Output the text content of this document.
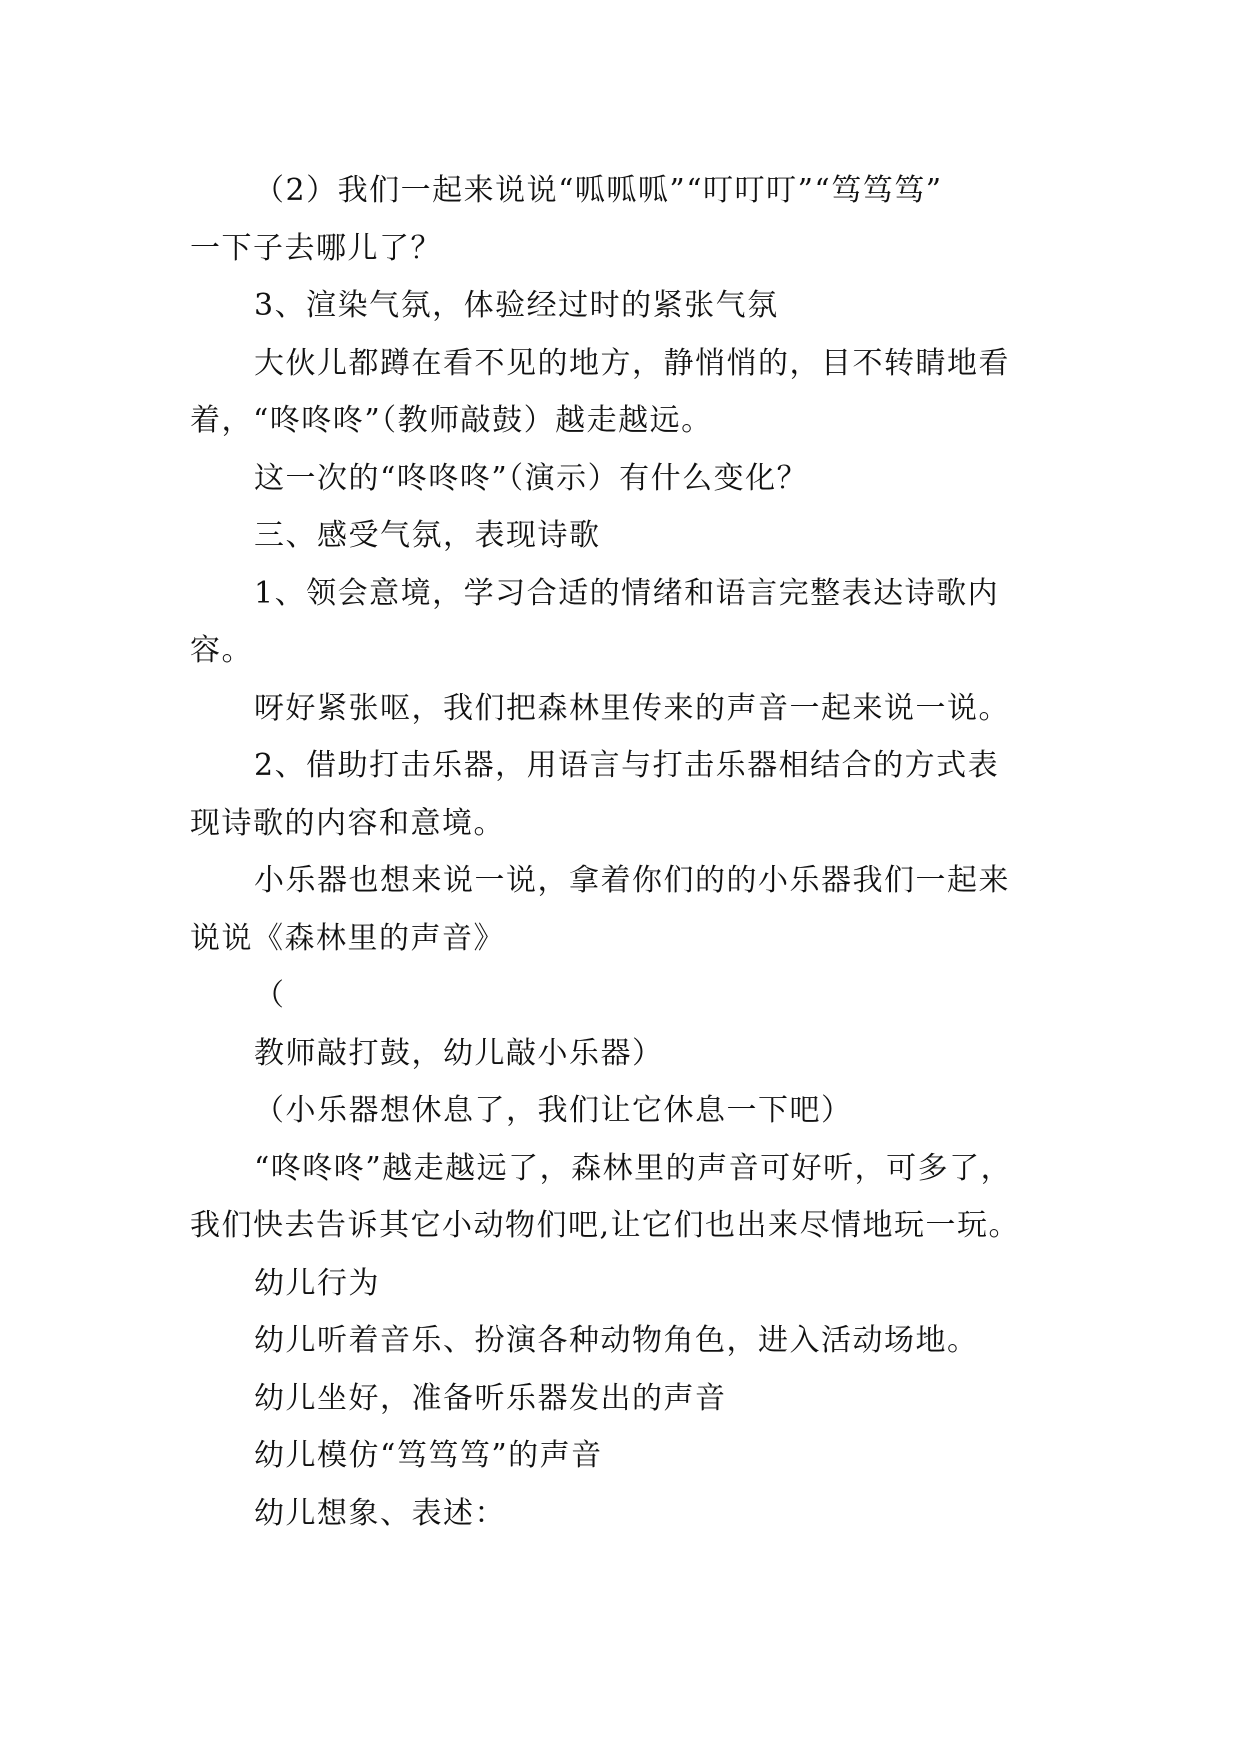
（2）我们一起来说说“呱呱呱”“叮叮叮”“笃笃笃”

一下子去哪儿了？

3、渲染气氛，体验经过时的紧张气氛

大伙儿都蹲在看不见的地方，静悄悄的，目不转睛地看

着，“咚咚咚”（教师敲鼓）越走越远。

这一次的“咚咚咚”（演示）有什么变化？

三、感受气氛，表现诗歌

1、领会意境，学习合适的情绪和语言完整表达诗歌内

容。

呀好紧张呕，我们把森林里传来的声音一起来说一说。

2、借助打击乐器，用语言与打击乐器相结合的方式表

现诗歌的内容和意境。

小乐器也想来说一说，拿着你们的的小乐器我们一起来

说说《森林里的声音》

（

教师敲打鼓，幼儿敲小乐器）

（小乐器想休息了，我们让它休息一下吧）

“咚咚咚”越走越远了，森林里的声音可好听，可多了，

我们快去告诉其它小动物们吧,让它们也出来尽情地玩一玩。

幼儿行为

幼儿听着音乐、扮演各种动物角色，进入活动场地。

幼儿坐好，准备听乐器发出的声音

幼儿模仿“笃笃笃”的声音

幼儿想象、表述：
